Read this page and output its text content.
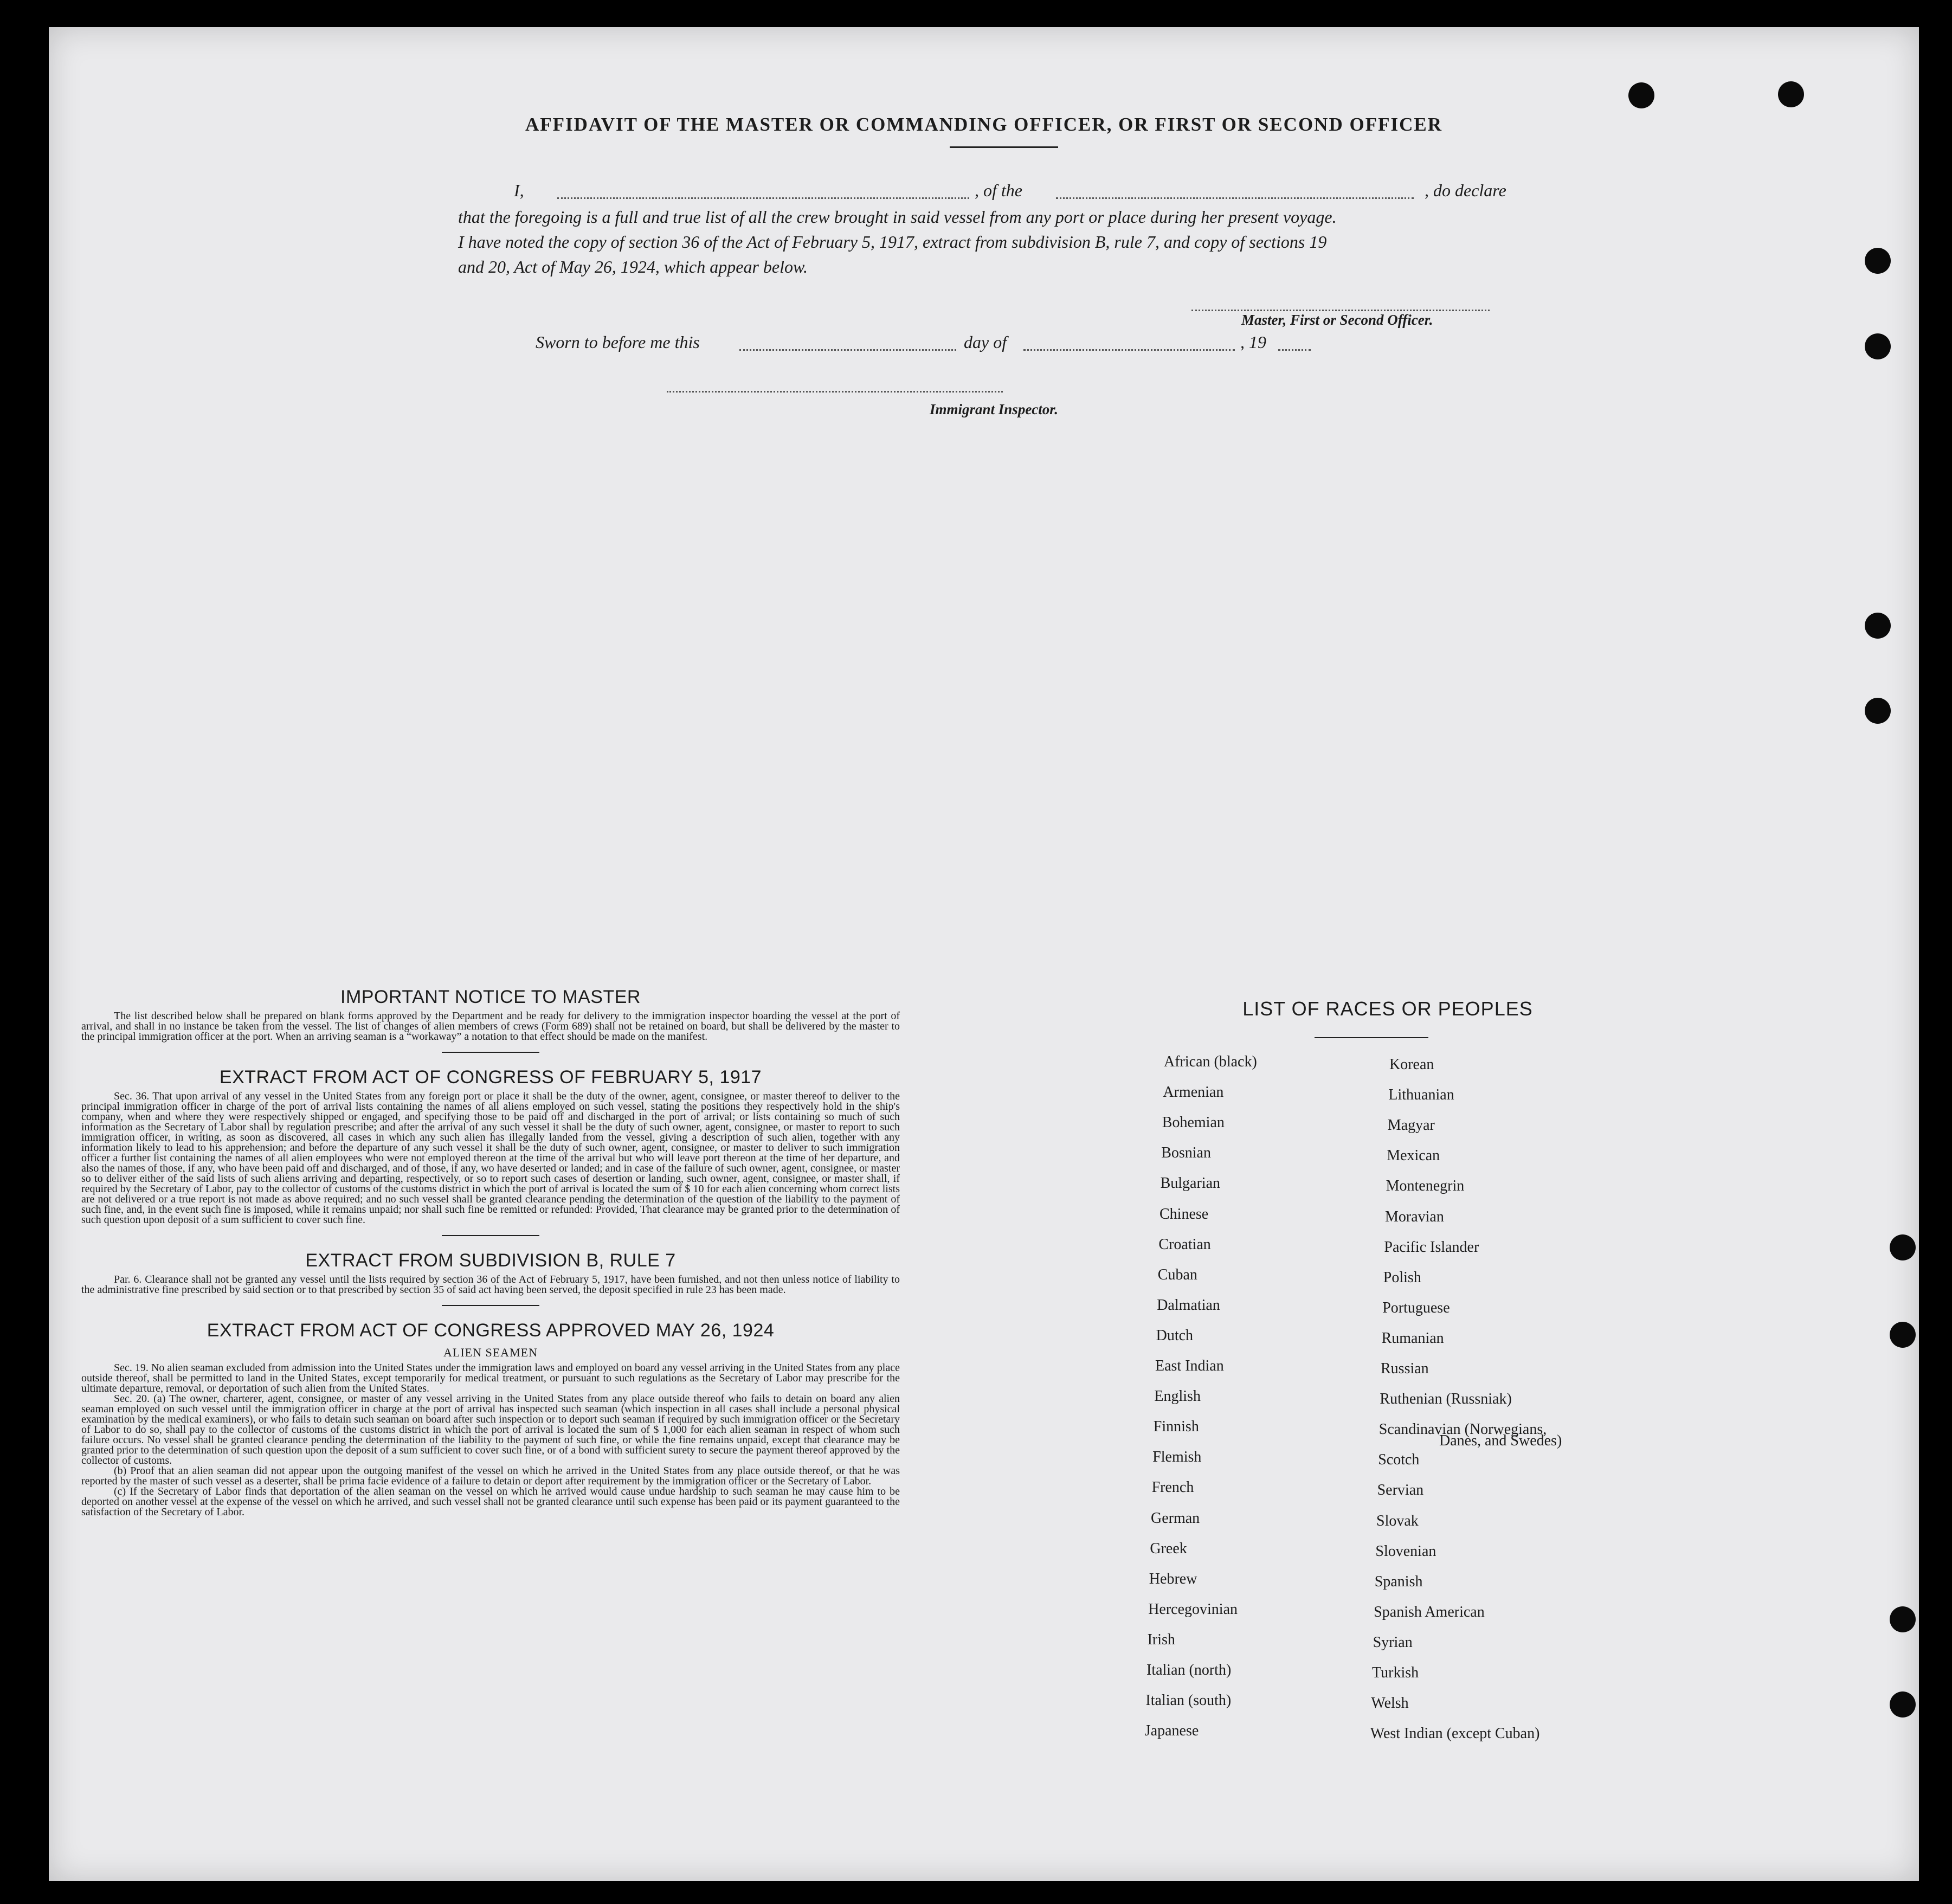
AFFIDAVIT OF THE MASTER OR COMMANDING OFFICER, OR FIRST OR SECOND OFFICER
I,	, of the	, do declare
that the foregoing is a full and true list of all the crew brought in said vessel from any port or place during her present voyage.
I have noted the copy of section 36 of the Act of February 5, 1917, extract from subdivision B, rule 7, and copy of sections 19
and 20, Act of May 26, 1924, which appear below.
Master, First or Second Officer.
Sworn to before me this	day of	, 19
Immigrant Inspector.
IMPORTANT NOTICE TO MASTER
The list described below shall be prepared on blank forms approved by the Department and be ready for delivery to the immigration inspector boarding the vessel at the port of arrival, and shall in no instance be taken from the vessel. The list of changes of alien members of crews (Form 689) shall not be retained on board, but shall be delivered by the master to the principal immigration officer at the port. When an arriving seaman is a “workaway” a notation to that effect should be made on the manifest.
EXTRACT FROM ACT OF CONGRESS OF FEBRUARY 5, 1917
Sec. 36. That upon arrival of any vessel in the United States from any foreign port or place it shall be the duty of the owner, agent, consignee, or master thereof to deliver to the principal immigration officer in charge of the port of arrival lists containing the names of all aliens employed on such vessel, stating the positions they respectively hold in the ship's company, when and where they were respectively shipped or engaged, and specifying those to be paid off and discharged in the port of arrival; or lists containing so much of such information as the Secretary of Labor shall by regulation prescribe; and after the arrival of any such vessel it shall be the duty of such owner, agent, consignee, or master to report to such immigration officer, in writing, as soon as discovered, all cases in which any such alien has illegally landed from the vessel, giving a description of such alien, together with any information likely to lead to his apprehension; and before the departure of any such vessel it shall be the duty of such owner, agent, consignee, or master to deliver to such immigration officer a further list containing the names of all alien employees who were not employed thereon at the time of the arrival but who will leave port thereon at the time of her departure, and also the names of those, if any, who have been paid off and discharged, and of those, if any, wo have deserted or landed; and in case of the failure of such owner, agent, consignee, or master so to deliver either of the said lists of such aliens arriving and departing, respectively, or so to report such cases of desertion or landing, such owner, agent, consignee, or master shall, if required by the Secretary of Labor, pay to the collector of customs of the customs district in which the port of arrival is located the sum of $ 10 for each alien concerning whom correct lists are not delivered or a true report is not made as above required; and no such vessel shall be granted clearance pending the determination of the question of the liability to the payment of such fine, and, in the event such fine is imposed, while it remains unpaid; nor shall such fine be remitted or refunded: Provided, That clearance may be granted prior to the determination of such question upon deposit of a sum sufficient to cover such fine.
EXTRACT FROM SUBDIVISION B, RULE 7
Par. 6. Clearance shall not be granted any vessel until the lists required by section 36 of the Act of February 5, 1917, have been furnished, and not then unless notice of liability to the administrative fine prescribed by said section or to that prescribed by section 35 of said act having been served, the deposit specified in rule 23 has been made.
EXTRACT FROM ACT OF CONGRESS APPROVED MAY 26, 1924
ALIEN SEAMEN
Sec. 19. No alien seaman excluded from admission into the United States under the immigration laws and employed on board any vessel arriving in the United States from any place outside thereof, shall be permitted to land in the United States, except temporarily for medical treatment, or pursuant to such regulations as the Secretary of Labor may prescribe for the ultimate departure, removal, or deportation of such alien from the United States.
Sec. 20. (a) The owner, charterer, agent, consignee, or master of any vessel arriving in the United States from any place outside thereof who fails to detain on board any alien seaman employed on such vessel until the immigration officer in charge at the port of arrival has inspected such seaman (which inspection in all cases shall include a personal physical examination by the medical examiners), or who fails to detain such seaman on board after such inspection or to deport such seaman if required by such immigration officer or the Secretary of Labor to do so, shall pay to the collector of customs of the customs district in which the port of arrival is located the sum of $ 1,000 for each alien seaman in respect of whom such failure occurs. No vessel shall be granted clearance pending the determination of the liability to the payment of such fine, or while the fine remains unpaid, except that clearance may be granted prior to the determination of such question upon the deposit of a sum sufficient to cover such fine, or of a bond with sufficient surety to secure the payment thereof approved by the collector of customs.
(b) Proof that an alien seaman did not appear upon the outgoing manifest of the vessel on which he arrived in the United States from any place outside thereof, or that he was reported by the master of such vessel as a deserter, shall be prima facie evidence of a failure to detain or deport after requirement by the immigration officer or the Secretary of Labor.
(c) If the Secretary of Labor finds that deportation of the alien seaman on the vessel on which he arrived would cause undue hardship to such seaman he may cause him to be deported on another vessel at the expense of the vessel on which he arrived, and such vessel shall not be granted clearance until such expense has been paid or its payment guaranteed to the satisfaction of the Secretary of Labor.
LIST OF RACES OR PEOPLES
African (black)
Armenian
Bohemian
Bosnian
Bulgarian
Chinese
Croatian
Cuban
Dalmatian
Dutch
East Indian
English
Finnish
Flemish
French
German
Greek
Hebrew
Hercegovinian
Irish
Italian (north)
Italian (south)
Japanese
Korean
Lithuanian
Magyar
Mexican
Montenegrin
Moravian
Pacific Islander
Polish
Portuguese
Rumanian
Russian
Ruthenian (Russniak)
Scandinavian (Norwegians,
Danes, and Swedes)
Scotch
Servian
Slovak
Slovenian
Spanish
Spanish American
Syrian
Turkish
Welsh
West Indian (except Cuban)
